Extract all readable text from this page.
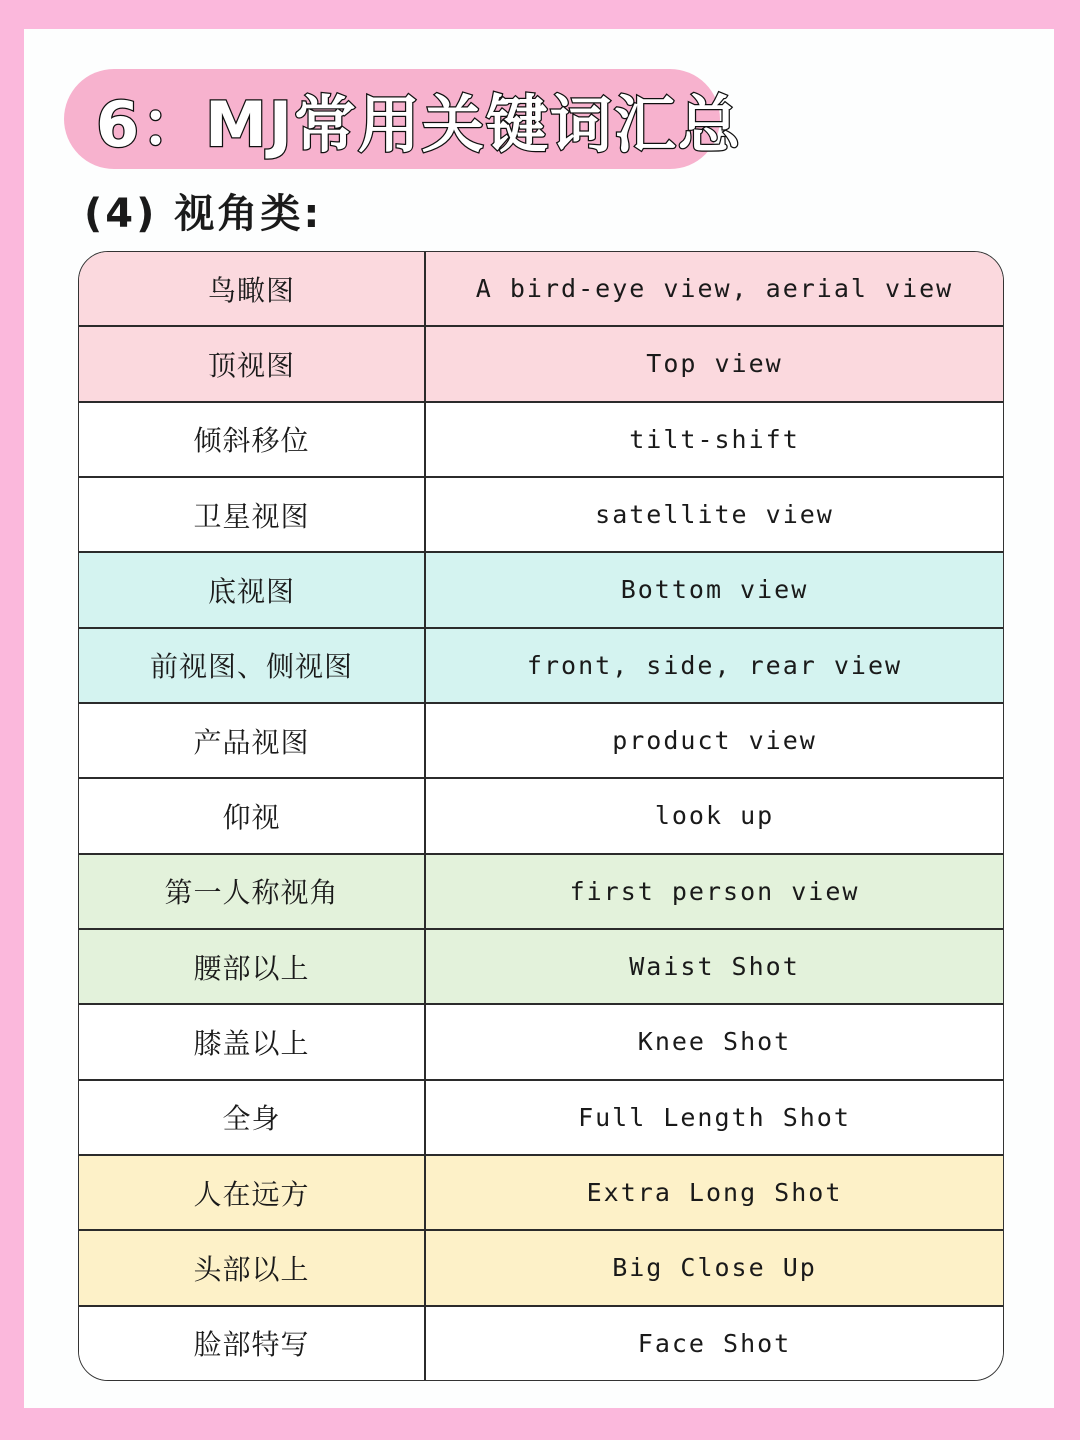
6：MJ常用关键词汇总
(4) 视角类:
鸟瞰图	A bird-eye view, aerial view
顶视图	Top view
倾斜移位	tilt-shift
卫星视图	satellite view
底视图	Bottom view
前视图、侧视图	front, side, rear view
产品视图	product view
仰视	look up
第一人称视角	first person view
腰部以上	Waist Shot
膝盖以上	Knee Shot
全身	Full Length Shot
人在远方	Extra Long Shot
头部以上	Big Close Up
脸部特写	Face Shot
